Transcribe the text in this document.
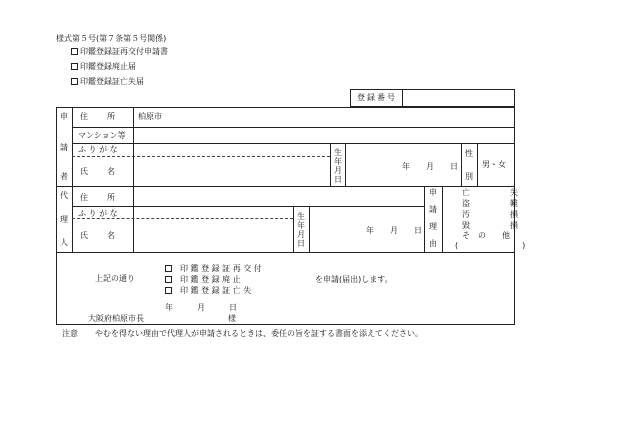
様式第５号(第７条第５号関係)
印鑑登録証再交付申請書
印鑑登録廃止届
印鑑登録証亡失届
登録番号
申
請
者
住　　所	柏原市
マンション等
ふ り が な
氏　　名
生年月日
年　　月　　日
性
別
男・女
代
理
人
住　　所
ふ り が な
氏　　名
生年月日
年　　月　　日
申
請
理
由
亡　　　　　失
盗　　　　　難
汚　　　　　損
毀　　　　　損
そ　の　　他
(　　　　　　　　)
上記の通り
印 鑑 登 録 証 再 交 付
印 鑑 登 録 廃 止
印 鑑 登 録 証 亡 失
を申請(届出)します。
年　　　月　　　日
大阪府柏原市長	様
注意 やむを得ない理由で代理人が申請されるときは、委任の旨を証する書面を添えてください。
